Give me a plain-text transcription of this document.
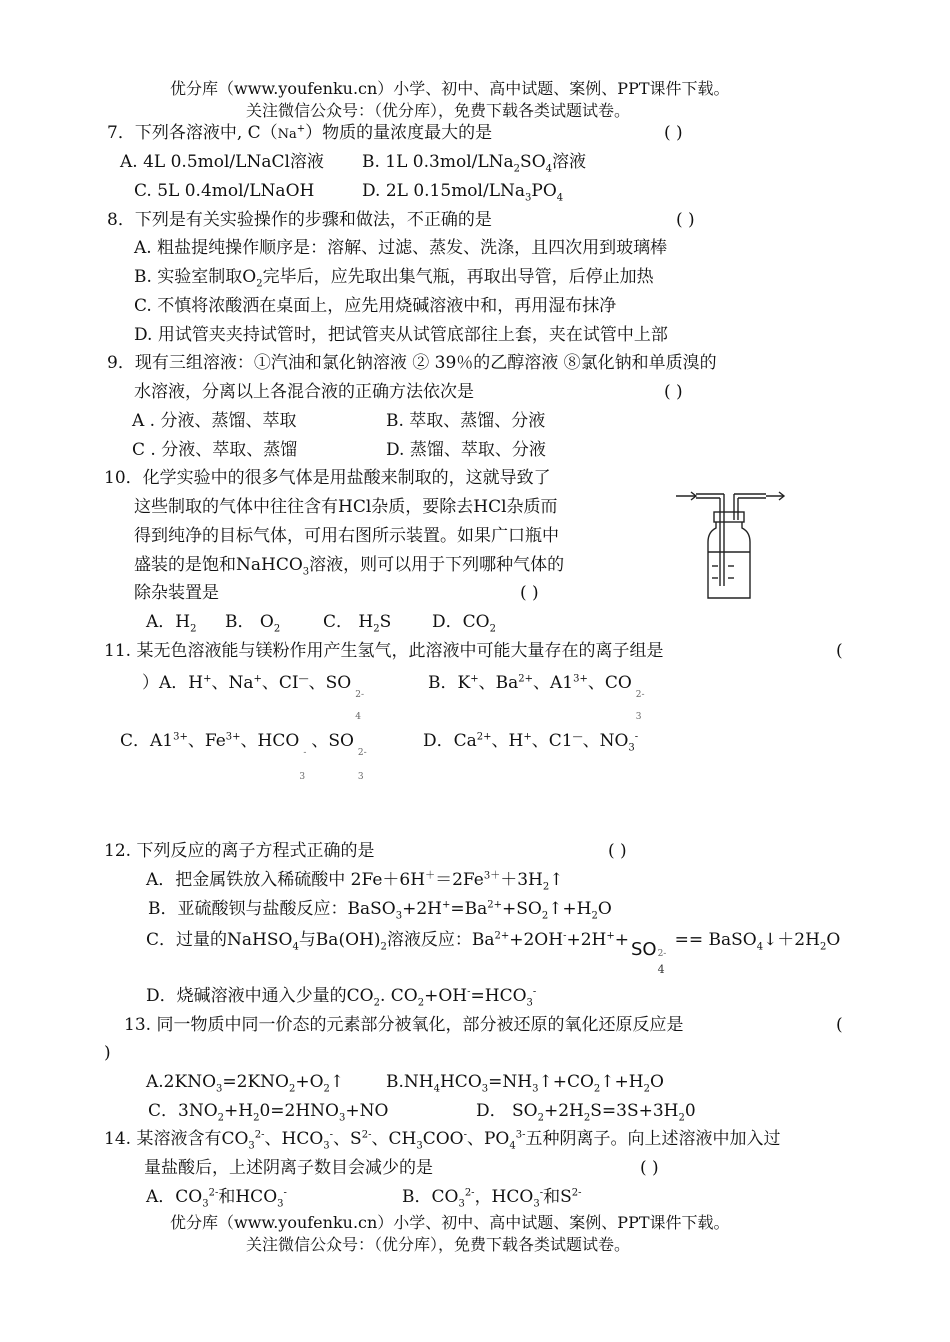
优分库（www.youfenku.cn）小学、初中、高中试题、案例、PPT课件下载。
关注微信公众号：（优分库），免费下载各类试题试卷。
7．下列各溶液中, C（Na+）物质的量浓度最大的是	( )
A. 4L 0.5mol/LNaCl溶液 B. 1L $0.3mol/LNa_2SO_4$溶液
C. 5L 0.4mol/LNaOH	D. 2L $0.15mol/LNa_3PO_4$
8．下列是有关实验操作的步骤和做法，不正确的是	( )
A. 粗盐提纯操作顺序是：溶解、过滤、蒸发、洗涤，且四次用到玻璃棒
B. 实验室制取$O_2$完毕后，应先取出集气瓶，再取出导管，后停止加热
C. 不慎将浓酸洒在桌面上，应先用烧碱溶液中和，再用湿布抹净
D. 用试管夹夹持试管时，把试管夹从试管底部往上套，夹在试管中上部
9．现有三组溶液：①汽油和氯化钠溶液 ② 39％的乙醇溶液 ⑧氯化钠和单质溴的
水溶液，分离以上各混合液的正确方法依次是	( )
A . 分液、蒸馏、萃取	B. 萃取、蒸馏、分液
C . 分液、萃取、蒸馏	D. 蒸馏、萃取、分液
10．化学实验中的很多气体是用盐酸来制取的，这就导致了
这些制取的气体中往往含有HCl杂质，要除去HCl杂质而
得到纯净的目标气体，可用右图所示装置。如果广口瓶中
盛装的是饱和NaHCO$_3$溶液，则可以用于下列哪种气体的
除杂装置是	( )
A．$H_2$ B． $O_2$	C． $H_2S$ D．$CO_2$
11. 某无色溶液能与镁粉作用产生氢气，此溶液中可能大量存在的离子组是	(
）A．H+、Na+、CI—、SO
2-
4
B．K+、$Ba^{2+}$、$A1^{3+}$、CO
2-
3
C．$A1^{3+}$、$Fe^{3+}$、HCO
-
3
、SO
2-
3
D．$Ca^{2+}$、H+、C1—、$NO_3^-$
12. 下列反应的离子方程式正确的是	( )
A．把金属铁放入稀硫酸中 $2Fe+6H^+=2Fe^{3+}+3H_2↑$
B．亚硫酸钡与盐酸反应：$BaSO_3+2H^+=Ba^{2+}+SO_2↑+H_2O$
C．过量的NaHSO$_4$与$Ba(OH)_2$溶液反应：$Ba^{2+}+2OH^-+2H^++$ SO 2-
4
== $BaSO_4↓+2H_2O$
D．烧碱溶液中通入少量的$CO_2$. $CO_2+OH^-=HCO_3^-$
13. 同一物质中同一价态的元素部分被氧化，部分被还原的氧化还原反应是	(
)
$A.2KNO_3=2KNO_2+O_2↑$ $B.NH_4HCO_3=NH_3↑+CO_2↑+H_2O$
C．$3NO_2+H_20=2HNO_3+NO$	D． $SO_2+2H_2S=3S+3H_20$
14. 某溶液含有$CO_3^{2-}$、$HCO_3^-$、$S^{2-}$、$CH_3COO^-$、$PO_4^{3-}$五种阴离子。向上述溶液中加入过
量盐酸后，上述阴离子数目会减少的是	( )
A．$CO_3^{2-}$和$HCO_3^-$	B．$CO_3^{2-}$，$HCO_3^-$和$S^{2-}$
优分库（www.youfenku.cn）小学、初中、高中试题、案例、PPT课件下载。
关注微信公众号：（优分库），免费下载各类试题试卷。
